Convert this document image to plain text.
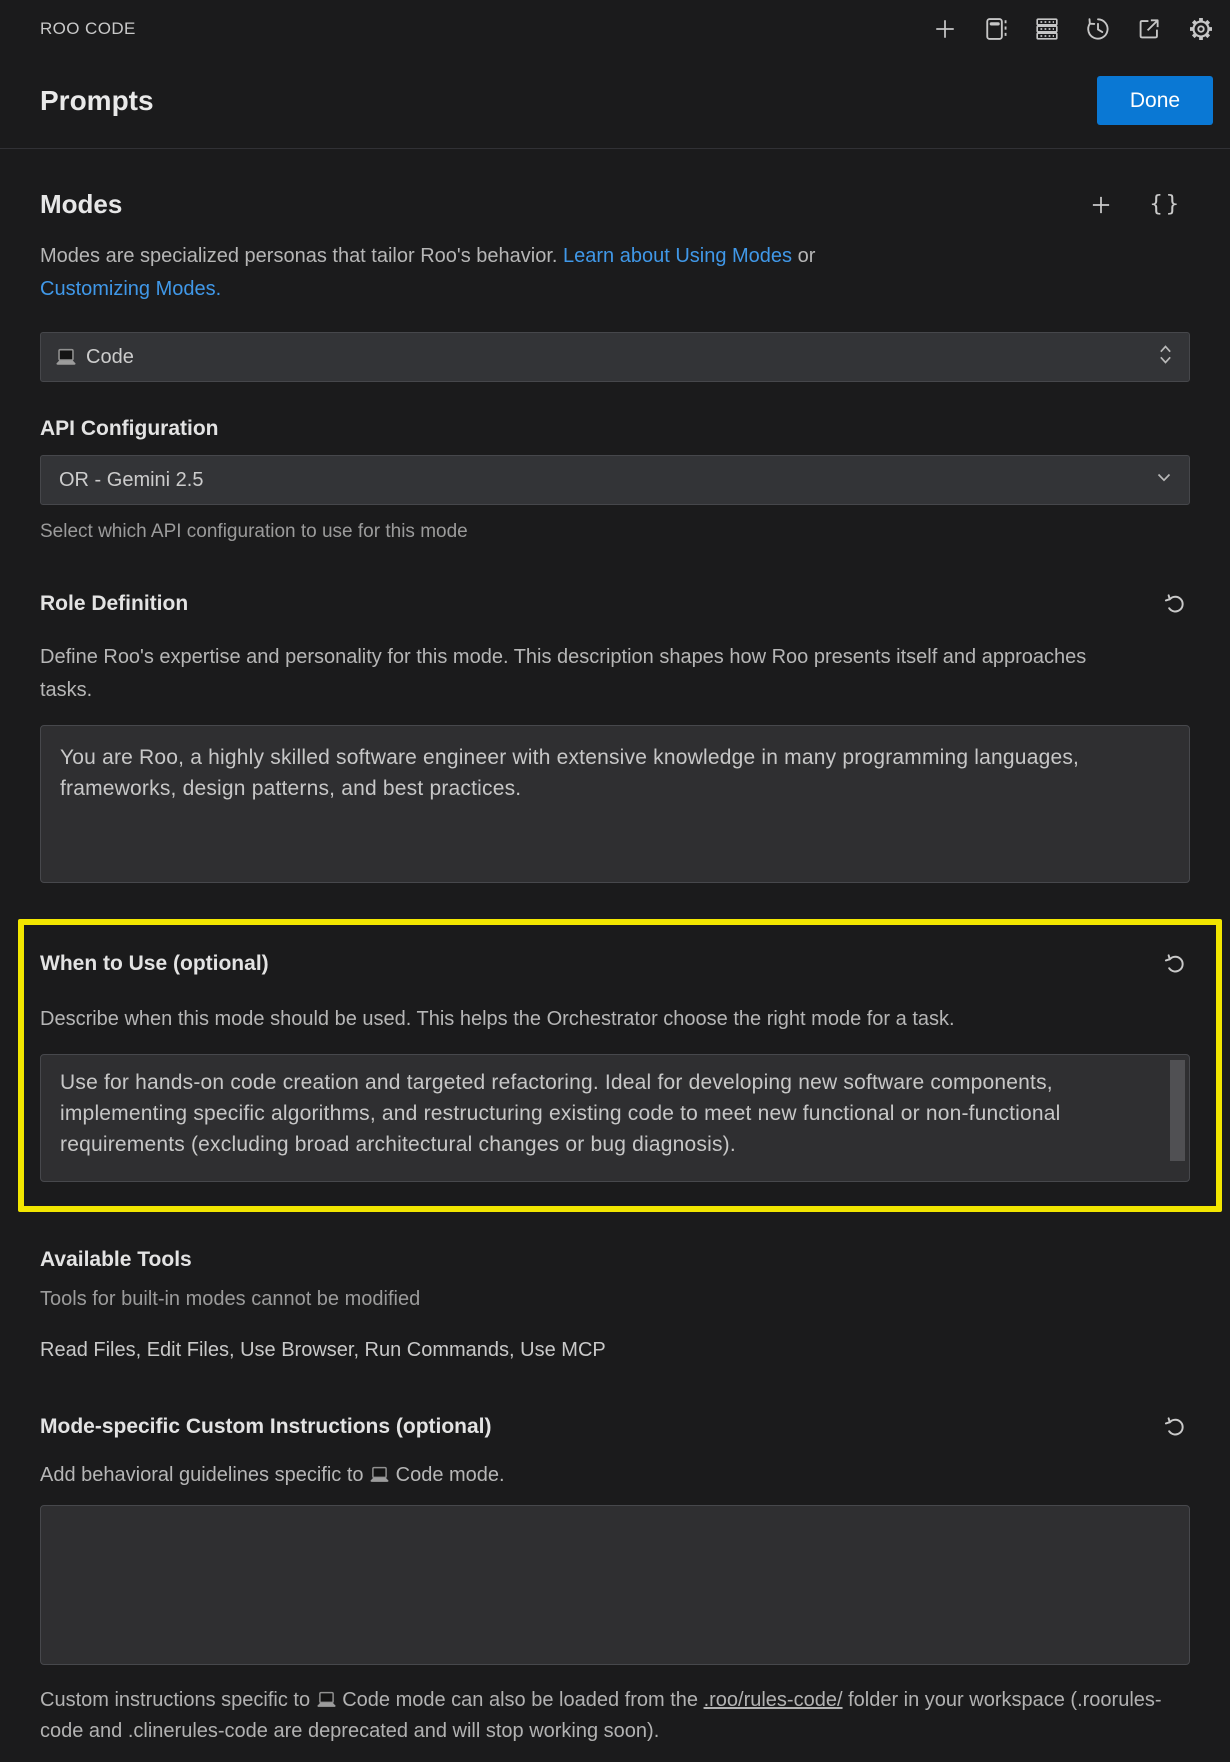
ROO CODE
Prompts	Done
Modes	{}
Modes are specialized personas that tailor Roo's behavior. Learn about Using Modes or
Customizing Modes.
Code
API Configuration
OR - Gemini 2.5
Select which API configuration to use for this mode
Role Definition
Define Roo's expertise and personality for this mode. This description shapes how Roo presents itself and approaches tasks.
You are Roo, a highly skilled software engineer with extensive knowledge in many programming languages, frameworks, design patterns, and best practices.
When to Use (optional)
Describe when this mode should be used. This helps the Orchestrator choose the right mode for a task.
Use for hands-on code creation and targeted refactoring. Ideal for developing new software components, implementing specific algorithms, and restructuring existing code to meet new functional or non-functional requirements (excluding broad architectural changes or bug diagnosis).
Available Tools
Tools for built-in modes cannot be modified
Read Files, Edit Files, Use Browser, Run Commands, Use MCP
Mode-specific Custom Instructions (optional)
Add behavioral guidelines specific to
Code mode.

Custom instructions specific to
Code mode can also be loaded from the .roo/rules-code/ folder in your workspace (.roorules-code and .clinerules-code are deprecated and will stop working soon).
